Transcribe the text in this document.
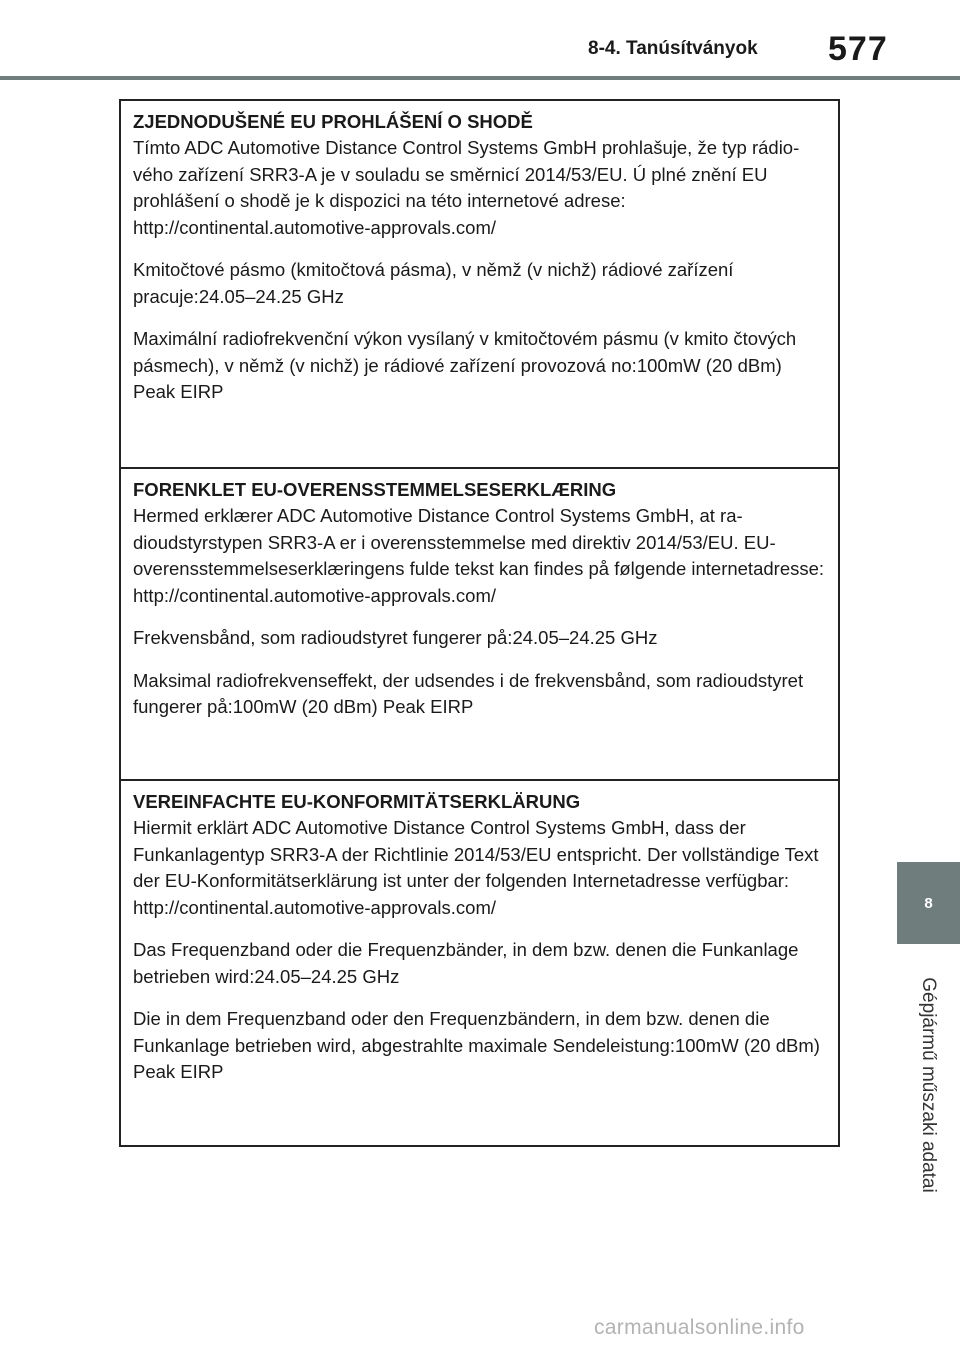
8-4. Tanúsítványok 577
ZJEDNODUŠENÉ EU PROHLÁŠENÍ O SHODĚ

Tímto ADC Automotive Distance Control Systems GmbH prohlašuje, že typ rádio-vého zařízení SRR3-A je v souladu se směrnicí 2014/53/EU. Ú plné znění EU prohlášení o shodě je k dispozici na této internetové adrese:
http://continental.automotive-approvals.com/

Kmitočtové pásmo (kmitočtová pásma), v němž (v nichž) rádiové zařízení pracuje:24.05–24.25 GHz

Maximální radiofrekvenční výkon vysílaný v kmitočtovém pásmu (v kmito čtových pásmech), v němž (v nichž) je rádiové zařízení provozová no:100mW (20 dBm) Peak EIRP

FORENKLET EU-OVERENSSTEMMELSESERKLÆRING

Hermed erklærer ADC Automotive Distance Control Systems GmbH, at ra-dioudstyrstypen SRR3-A er i overensstemmelse med direktiv 2014/53/EU. EU-overensstemmelseserklæringens fulde tekst kan findes på følgende internetadresse:
http://continental.automotive-approvals.com/

Frekvensbånd, som radioudstyret fungerer på:24.05–24.25 GHz

Maksimal radiofrekvenseffekt, der udsendes i de frekvensbånd, som radioudstyret fungerer på:100mW (20 dBm) Peak EIRP

VEREINFACHTE EU-KONFORMITÄTSERKLÄRUNG

Hiermit erklärt ADC Automotive Distance Control Systems GmbH, dass der Funkanlagentyp SRR3-A der Richtlinie 2014/53/EU entspricht. Der vollständige Text der EU-Konformitätserklärung ist unter der folgenden Internetadresse verfügbar:
http://continental.automotive-approvals.com/

Das Frequenzband oder die Frequenzbänder, in dem bzw. denen die Funkanlage betrieben wird:24.05–24.25 GHz

Die in dem Frequenzband oder den Frequenzbändern, in dem bzw. denen die Funkanlage betrieben wird, abgestrahlte maximale Sendeleistung:100mW (20 dBm) Peak EIRP

8
Gépjármű műszaki adatai
carmanualsonline.info
